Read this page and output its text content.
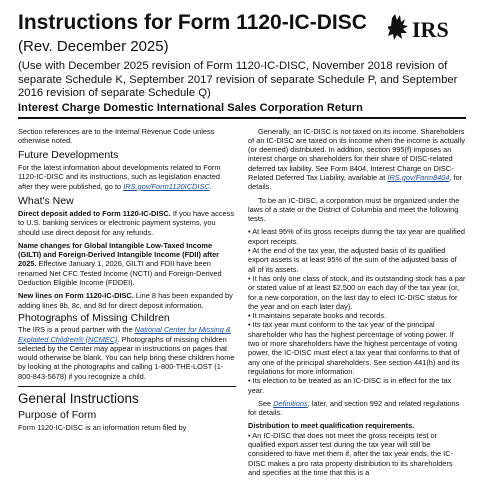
Instructions for Form 1120-IC-DISC
(Rev. December 2025)
(Use with December 2025 revision of Form 1120-IC-DISC, November 2018 revision of separate Schedule K, September 2017 revision of separate Schedule P, and September 2016 revision of separate Schedule Q)
Interest Charge Domestic International Sales Corporation Return
IRS

Section references are to the Internal Revenue Code unless otherwise noted.

Future Developments

For the latest information about developments related to Form 1120-IC-DISC and its instructions, such as legislation enacted after they were published, go to IRS.gov/Form1120ICDISC.

What's New

Direct deposit added to Form 1120-IC-DISC. If you have access to U.S. banking services or electronic payment systems, you should use direct deposit for any refunds.

Name changes for Global Intangible Low-Taxed Income (GILTI) and Foreign-Derived Intangible Income (FDII) after 2025. Effective January 1, 2026, GILTI and FDII have been renamed Net CFC Tested Income (NCTI) and Foreign-Derived Deduction Eligible Income (FDDEI).

New lines on Form 1120-IC-DISC. Line 8 has been expanded by adding lines 8b, 8c, and 8d for direct deposit information.

Photographs of Missing Children

The IRS is a proud partner with the National Center for Missing & Exploited Children® (NCMEC). Photographs of missing children selected by the Center may appear in instructions on pages that would otherwise be blank. You can help bring these children home by looking at the photographs and calling 1-800-THE-LOST (1-800-843-5678) if you recognize a child.

General Instructions
Purpose of Form

Form 1120-IC-DISC is an information return filed by

Generally, an IC-DISC is not taxed on its income. Shareholders of an IC-DISC are taxed on its income when the income is actually (or deemed) distributed. In addition, section 995(f) imposes an interest charge on shareholders for their share of DISC-related deferred tax liability. See Form 8404, Interest Charge on DISC-Related Deferred Tax Liability, available at IRS.gov/Form8404, for details.

To be an IC-DISC, a corporation must be organized under the laws of a state or the District of Columbia and meet the following tests.

• At least 95% of its gross receipts during the tax year are qualified export receipts.

• At the end of the tax year, the adjusted basis of its qualified export assets is at least 95% of the sum of the adjusted basis of all of its assets.

• It has only one class of stock, and its outstanding stock has a par or stated value of at least $2,500 on each day of the tax year (or, for a new corporation, on the last day to elect IC-DISC status for the year and on each later day).

• It maintains separate books and records.

• Its tax year must conform to the tax year of the principal shareholder who has the highest percentage of voting power. If two or more shareholders have the highest percentage of voting power, the IC-DISC must elect a tax year that conforms to that of any one of the principal shareholders. See section 441(h) and its regulations for more information.

• Its election to be treated as an IC-DISC is in effect for the tax year.

See Definitions, later, and section 992 and related regulations for details.

Distribution to meet qualification requirements.

• An IC-DISC that does not meet the gross receipts test or qualified export asset test during the tax year will still be considered to have met them if, after the tax year ends, the IC-DISC makes a pro rata property distribution to its shareholders and specifies at the time that this is a
